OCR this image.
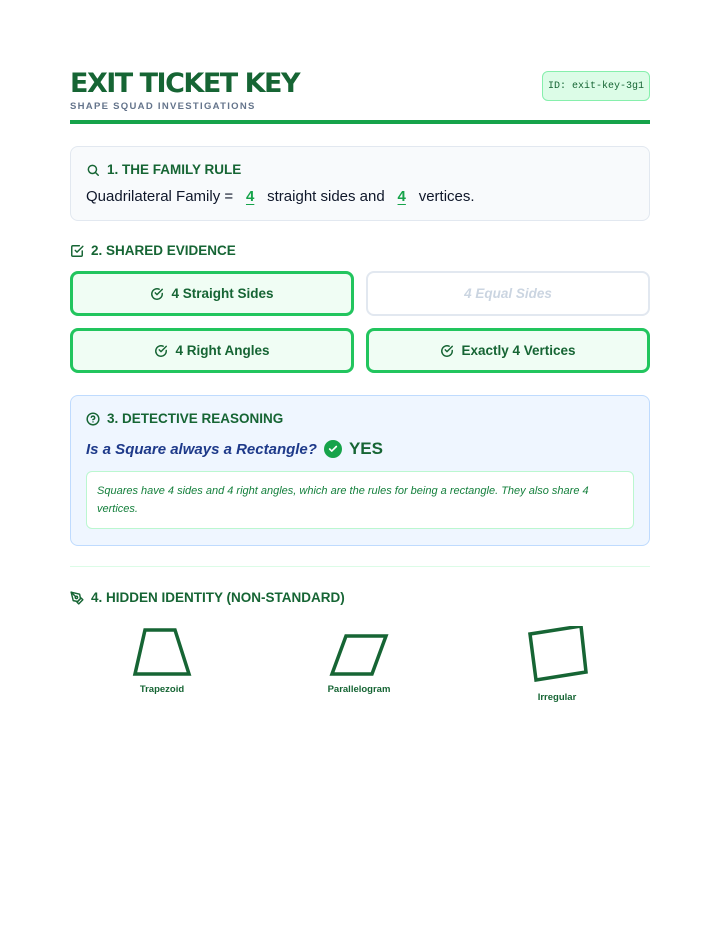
EXIT TICKET KEY
SHAPE SQUAD INVESTIGATIONS
ID: exit-key-3g1
1. THE FAMILY RULE
Quadrilateral Family = 4 straight sides and 4 vertices.
2. SHARED EVIDENCE
4 Straight Sides	4 Equal Sides
4 Right Angles	Exactly 4 Vertices
3. DETECTIVE REASONING
Is a Square always a Rectangle? YES
Squares have 4 sides and 4 right angles, which are the rules for being a rectangle. They also share 4 vertices.
4. HIDDEN IDENTITY (NON-STANDARD)
Trapezoid	Parallelogram
Irregular
